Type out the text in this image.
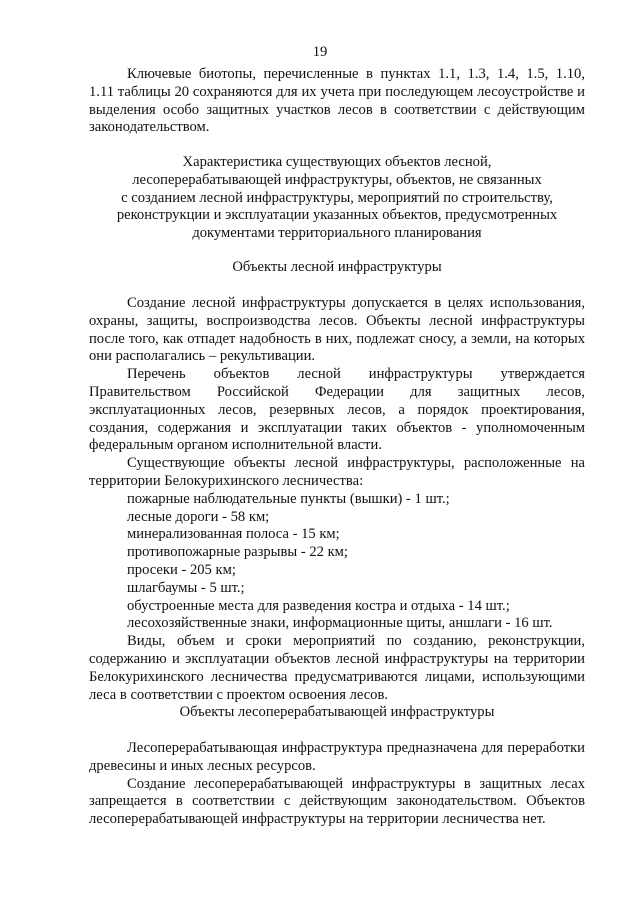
19

Ключевые биотопы, перечисленные в пунктах 1.1, 1.3, 1.4, 1.5, 1.10,

1.11 таблицы 20 сохраняются для их учета при последующем лесоустройстве и выделения особо защитных участков лесов в соответствии с действующим законодательством.

Характеристика существующих объектов лесной,

лесоперерабатывающей инфраструктуры, объектов, не связанных

с созданием лесной инфраструктуры, мероприятий по строительству,

реконструкции и эксплуатации указанных объектов, предусмотренных

документами территориального планирования

Объекты лесной инфраструктуры

Создание лесной инфраструктуры допускается в целях использования, охраны, защиты, воспроизводства лесов. Объекты лесной инфраструктуры после того, как отпадет надобность в них, подлежат сносу, а земли, на которых они располагались – рекультивации.

Перечень объектов лесной инфраструктуры утверждается Правительством Российской Федерации для защитных лесов, эксплуатационных лесов, резервных лесов, а порядок проектирования, создания, содержания и эксплуатации таких объектов - уполномоченным федеральным органом исполнительной власти.

Существующие объекты лесной инфраструктуры, расположенные на территории Белокурихинского лесничества:

пожарные наблюдательные пункты (вышки) - 1 шт.;

лесные дороги - 58 км;

минерализованная полоса - 15 км;

противопожарные разрывы - 22 км;

просеки - 205 км;

шлагбаумы - 5 шт.;

обустроенные места для разведения костра и отдыха - 14 шт.;

лесохозяйственные знаки, информационные щиты, аншлаги - 16 шт.

Виды, объем и сроки мероприятий по созданию, реконструкции, содержанию и эксплуатации объектов лесной инфраструктуры на территории Белокурихинского лесничества предусматриваются лицами, использующими леса в соответствии с проектом освоения лесов.

Объекты лесоперерабатывающей инфраструктуры

Лесоперерабатывающая инфраструктура предназначена для переработки древесины и иных лесных ресурсов.

Создание лесоперерабатывающей инфраструктуры в защитных лесах запрещается в соответствии с действующим законодательством. Объектов лесоперерабатывающей инфраструктуры на территории лесничества нет.
